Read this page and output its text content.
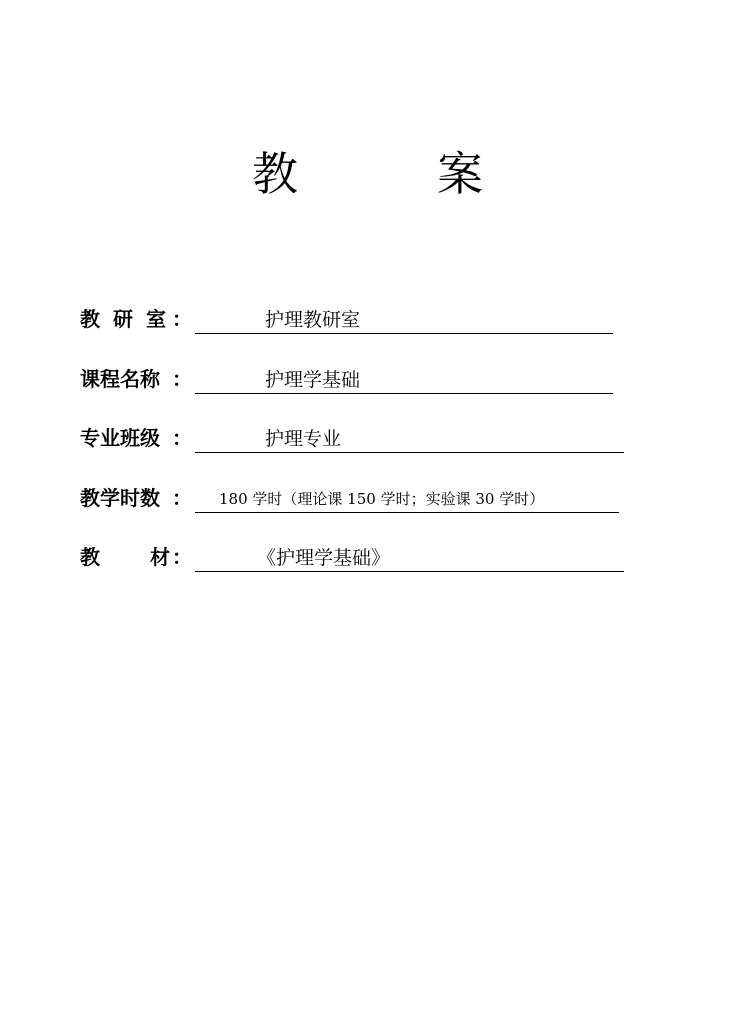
教	案
教 研 室 ：	护理教研室
课程名称 ：	护理学基础
专业班级 ：	护理专业
教学时数 ： 180 学时（理论课 150 学时；实验课 30 学时）
教	材 ：	《护理学基础》
